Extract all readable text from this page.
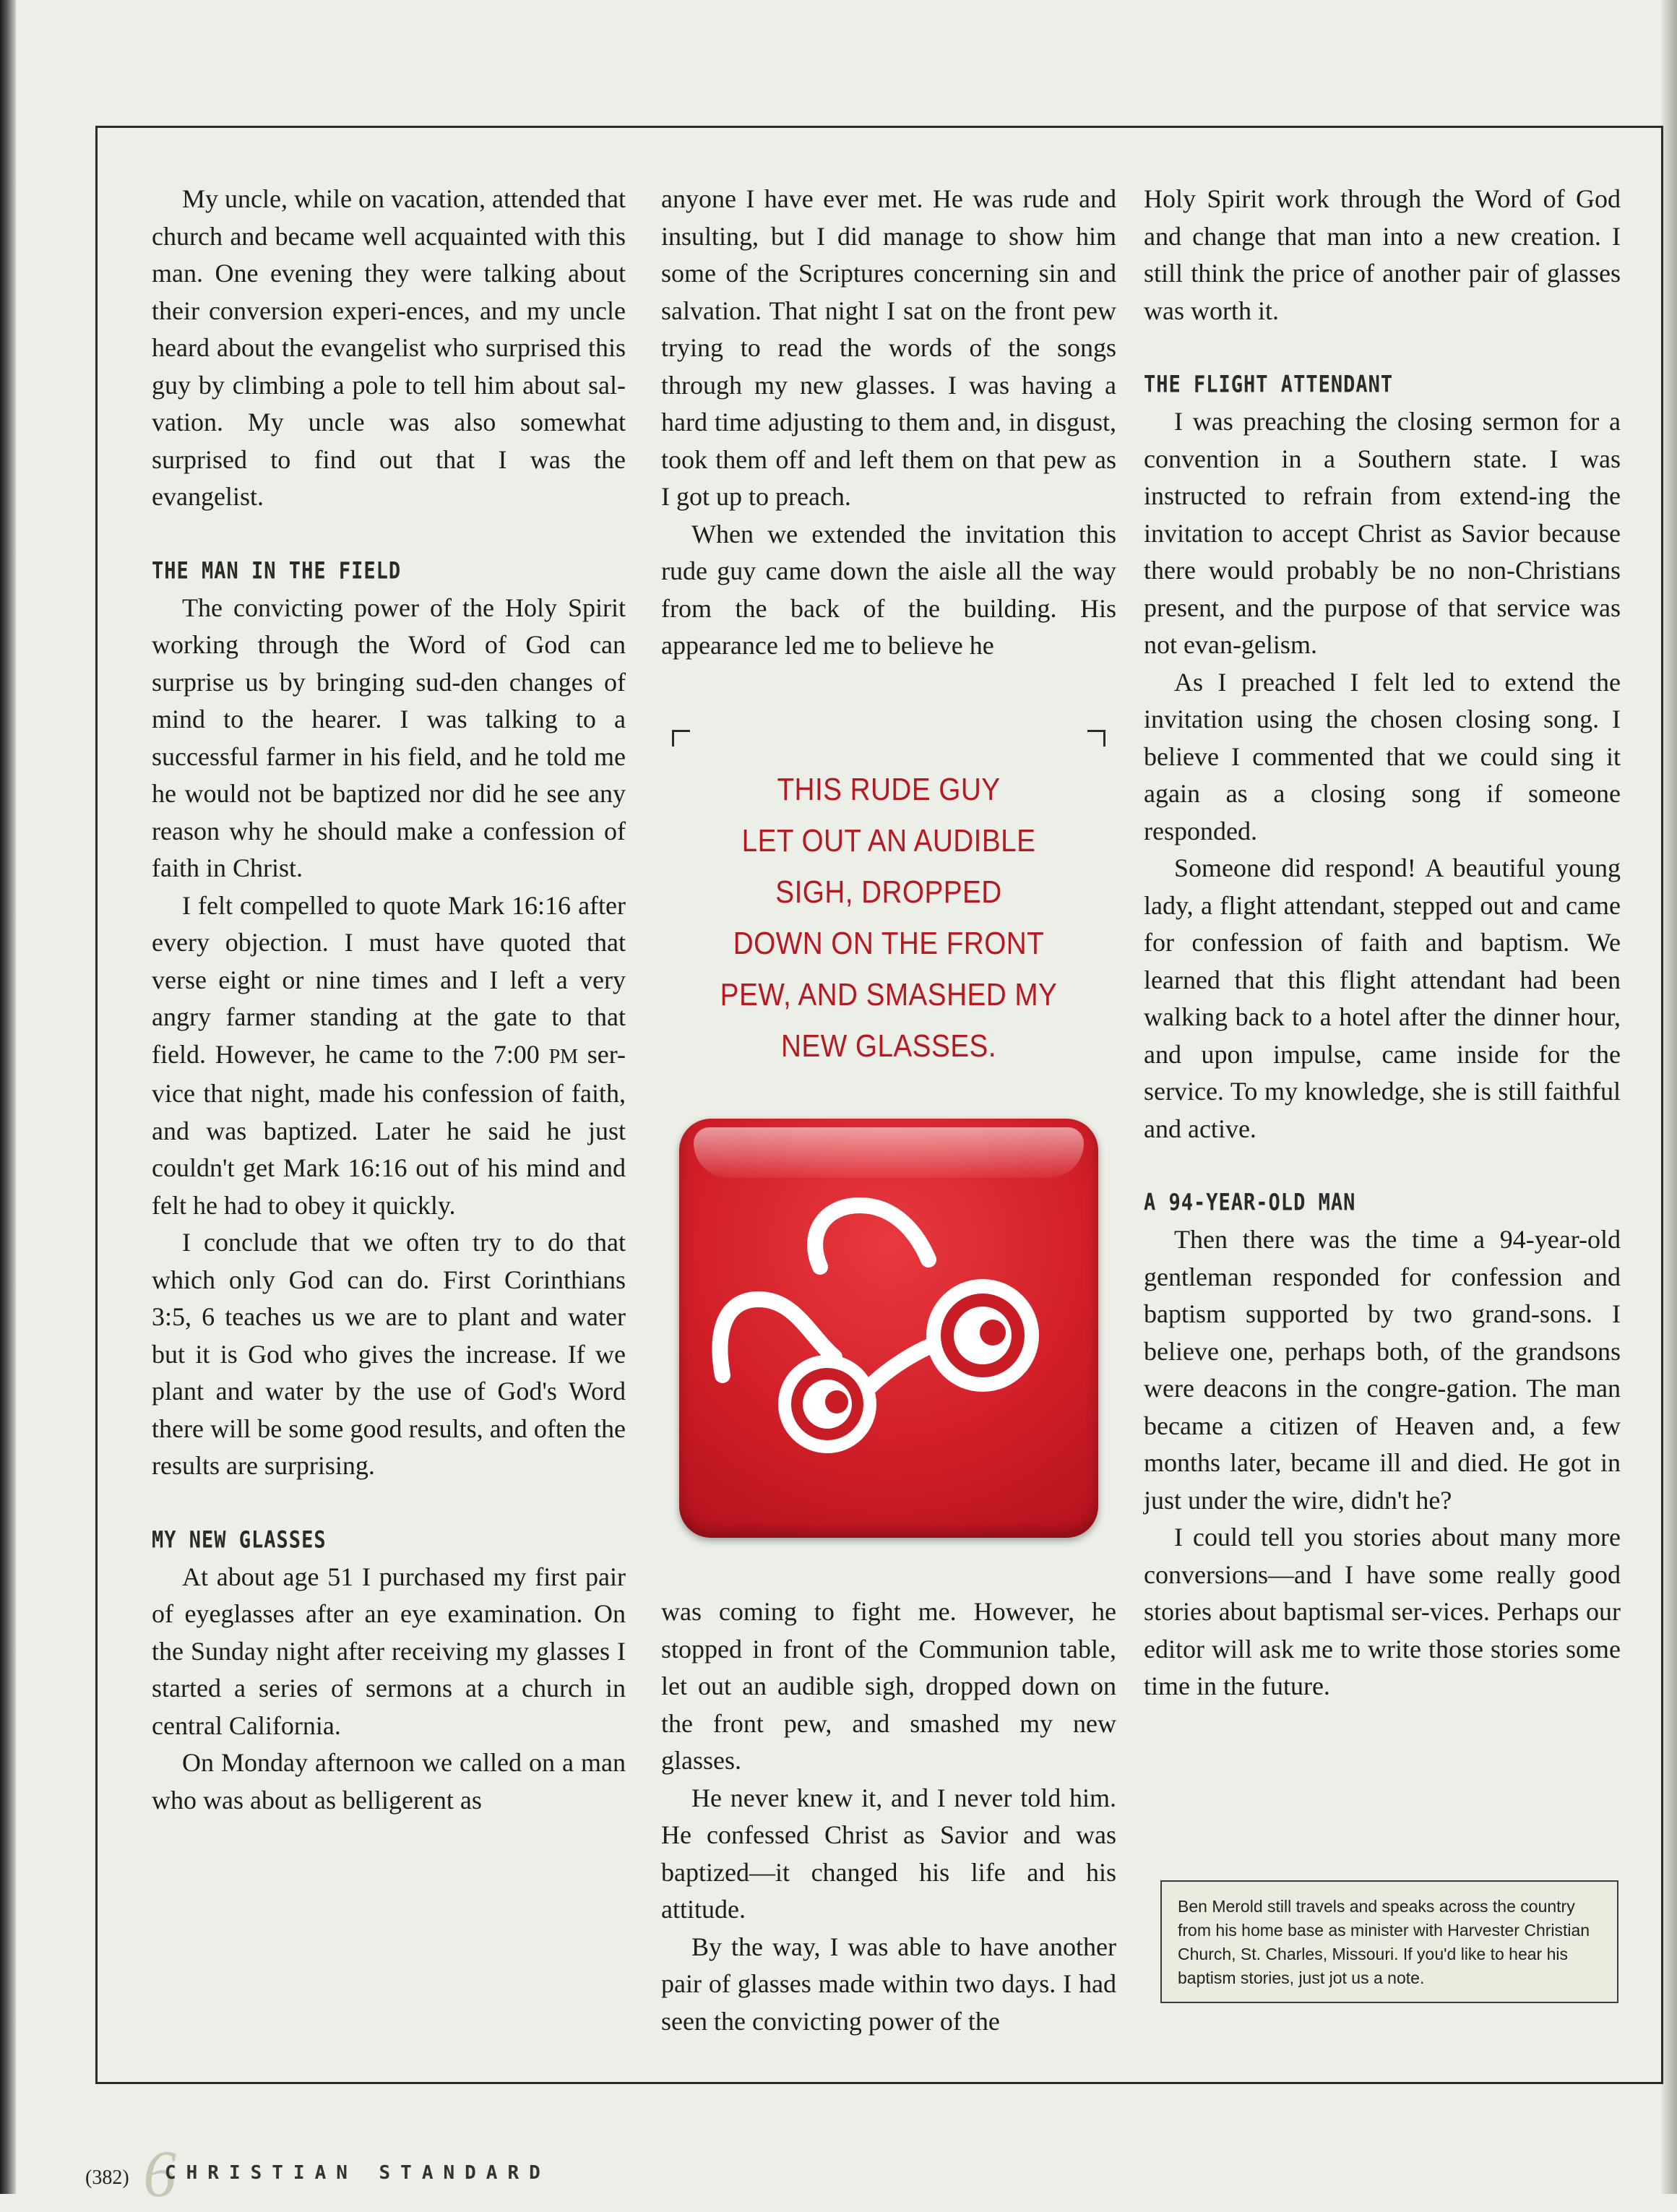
My uncle, while on vacation, attended that church and became well acquainted with this man. One evening they were talking about their conversion experi-ences, and my uncle heard about the evangelist who surprised this guy by climbing a pole to tell him about sal-vation. My uncle was also somewhat surprised to find out that I was the evangelist.

THE MAN IN THE FIELD

The convicting power of the Holy Spirit working through the Word of God can surprise us by bringing sud-den changes of mind to the hearer. I was talking to a successful farmer in his field, and he told me he would not be baptized nor did he see any reason why he should make a confession of faith in Christ.

I felt compelled to quote Mark 16:16 after every objection. I must have quoted that verse eight or nine times and I left a very angry farmer standing at the gate to that field. However, he came to the 7:00 PM ser-vice that night, made his confession of faith, and was baptized. Later he said he just couldn't get Mark 16:16 out of his mind and felt he had to obey it quickly.

I conclude that we often try to do that which only God can do. First Corinthians 3:5, 6 teaches us we are to plant and water but it is God who gives the increase. If we plant and water by the use of God's Word there will be some good results, and often the results are surprising.

MY NEW GLASSES

At about age 51 I purchased my first pair of eyeglasses after an eye examination. On the Sunday night after receiving my glasses I started a series of sermons at a church in central California.

On Monday afternoon we called on a man who was about as belligerent as

anyone I have ever met. He was rude and insulting, but I did manage to show him some of the Scriptures concerning sin and salvation. That night I sat on the front pew trying to read the words of the songs through my new glasses. I was having a hard time adjusting to them and, in disgust, took them off and left them on that pew as I got up to preach.

When we extended the invitation this rude guy came down the aisle all the way from the back of the building. His appearance led me to believe he

THIS RUDE GUY
LET OUT AN AUDIBLE
SIGH, DROPPED
DOWN ON THE FRONT
PEW, AND SMASHED MY
NEW GLASSES.

was coming to fight me. However, he stopped in front of the Communion table, let out an audible sigh, dropped down on the front pew, and smashed my new glasses.

He never knew it, and I never told him. He confessed Christ as Savior and was baptized—it changed his life and his attitude.

By the way, I was able to have another pair of glasses made within two days. I had seen the convicting power of the

Holy Spirit work through the Word of God and change that man into a new creation. I still think the price of another pair of glasses was worth it.

THE FLIGHT ATTENDANT

I was preaching the closing sermon for a convention in a Southern state. I was instructed to refrain from extend-ing the invitation to accept Christ as Savior because there would probably be no non-Christians present, and the purpose of that service was not evan-gelism.

As I preached I felt led to extend the invitation using the chosen closing song. I believe I commented that we could sing it again as a closing song if someone responded.

Someone did respond! A beautiful young lady, a flight attendant, stepped out and came for confession of faith and baptism. We learned that this flight attendant had been walking back to a hotel after the dinner hour, and upon impulse, came inside for the service. To my knowledge, she is still faithful and active.

A 94-YEAR-OLD MAN

Then there was the time a 94-year-old gentleman responded for confession and baptism supported by two grand-sons. I believe one, perhaps both, of the grandsons were deacons in the congre-gation. The man became a citizen of Heaven and, a few months later, became ill and died. He got in just under the wire, didn't he?

I could tell you stories about many more conversions—and I have some really good stories about baptismal ser-vices. Perhaps our editor will ask me to write those stories some time in the future.

Ben Merold still travels and speaks across the country from his home base as minister with Harvester Christian Church, St. Charles, Missouri. If you'd like to hear his baptism stories, just jot us a note.
6
(382) CHRISTIAN STANDARD
